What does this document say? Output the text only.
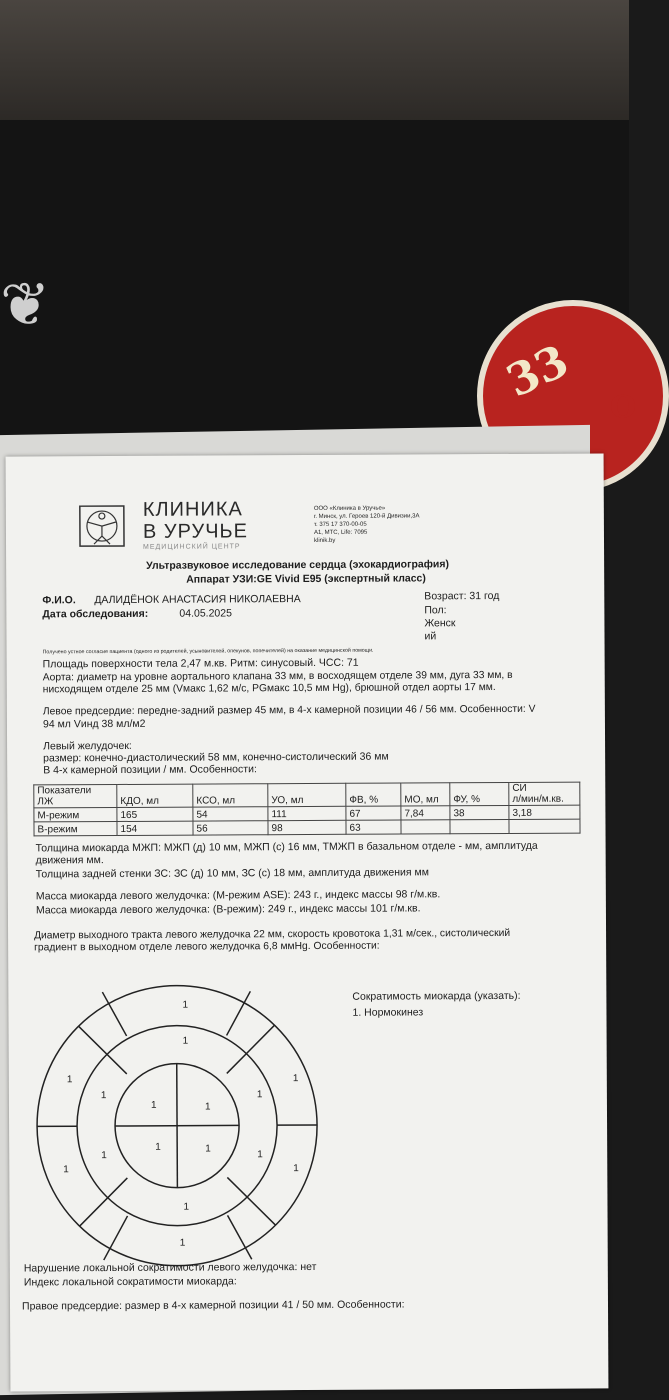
❦
33 О
КЛИНИКА
В УРУЧЬЕ
МЕДИЦИНСКИЙ ЦЕНТР
ООО «Клиника в Уручье»
г. Минск, ул. Героев 120-й Дивизии,3А
т. 375 17 370-00-05
А1, МТС, Life: 7095
klinik.by
Ультразвуковое исследование сердца (эхокардиография)
Аппарат УЗИ:GE Vivid E95 (экспертный класс)
Ф.И.О. ДАЛИДЁНОК АНАСТАСИЯ НИКОЛАЕВНА	Возраст: 31 год
Дата обследования:	04.05.2025	Пол:
Женск
ий
Получено устное согласие пациента (одного из родителей, усыновителей, опекунов, попечителей) на оказание медицинской помощи.
Площадь поверхности тела 2,47 м.кв. Ритм: синусовый. ЧСС: 71
Аорта: диаметр на уровне аортального клапана 33 мм, в восходящем отделе 39 мм, дуга 33 мм, в
нисходящем отделе 25 мм (Vмакс 1,62 м/с, PGмакс 10,5 мм Hg), брюшной отдел аорты 17 мм.
Левое предсердие: передне-задний размер 45 мм, в 4-х камерной позиции 46 / 56 мм. Особенности: V
94 мл Vинд 38 мл/м2
Левый желудочек:
размер: конечно-диастолический 58 мм, конечно-систолический 36 мм
В 4-х камерной позиции / мм. Особенности:
Показатели
ЛЖ	КДО, мл	КСО, мл	УО, мл	ФВ, %	МО, мл	ФУ, %	СИ
л/мин/м.кв.
М-режим	165	54	111	67	7,84	38	3,18
В-режим	154	56	98	63			
Толщина миокарда МЖП: МЖП (д) 10 мм, МЖП (с) 16 мм, ТМЖП в базальном отделе - мм, амплитуда
движения мм.
Толщина задней стенки ЗС: ЗС (д) 10 мм, ЗС (с) 18 мм, амплитуда движения мм
Масса миокарда левого желудочка: (М-режим ASE): 243 г., индекс массы 98 г/м.кв.
Масса миокарда левого желудочка: (В-режим): 249 г., индекс массы 101 г/м.кв.
Диаметр выходного тракта левого желудочка 22 мм, скорость кровотока 1,31 м/сек., систолический
градиент в выходном отделе левого желудочка 6,8 ммHg. Особенности:
1
1
1
1
1	1
1
1
1
1	1
1
1	1
1
1
Сократимость миокарда (указать):
1. Нормокинез
Нарушение локальной сократимости левого желудочка: нет
Индекс локальной сократимости миокарда:
Правое предсердие: размер в 4-х камерной позиции 41 / 50 мм. Особенности:
